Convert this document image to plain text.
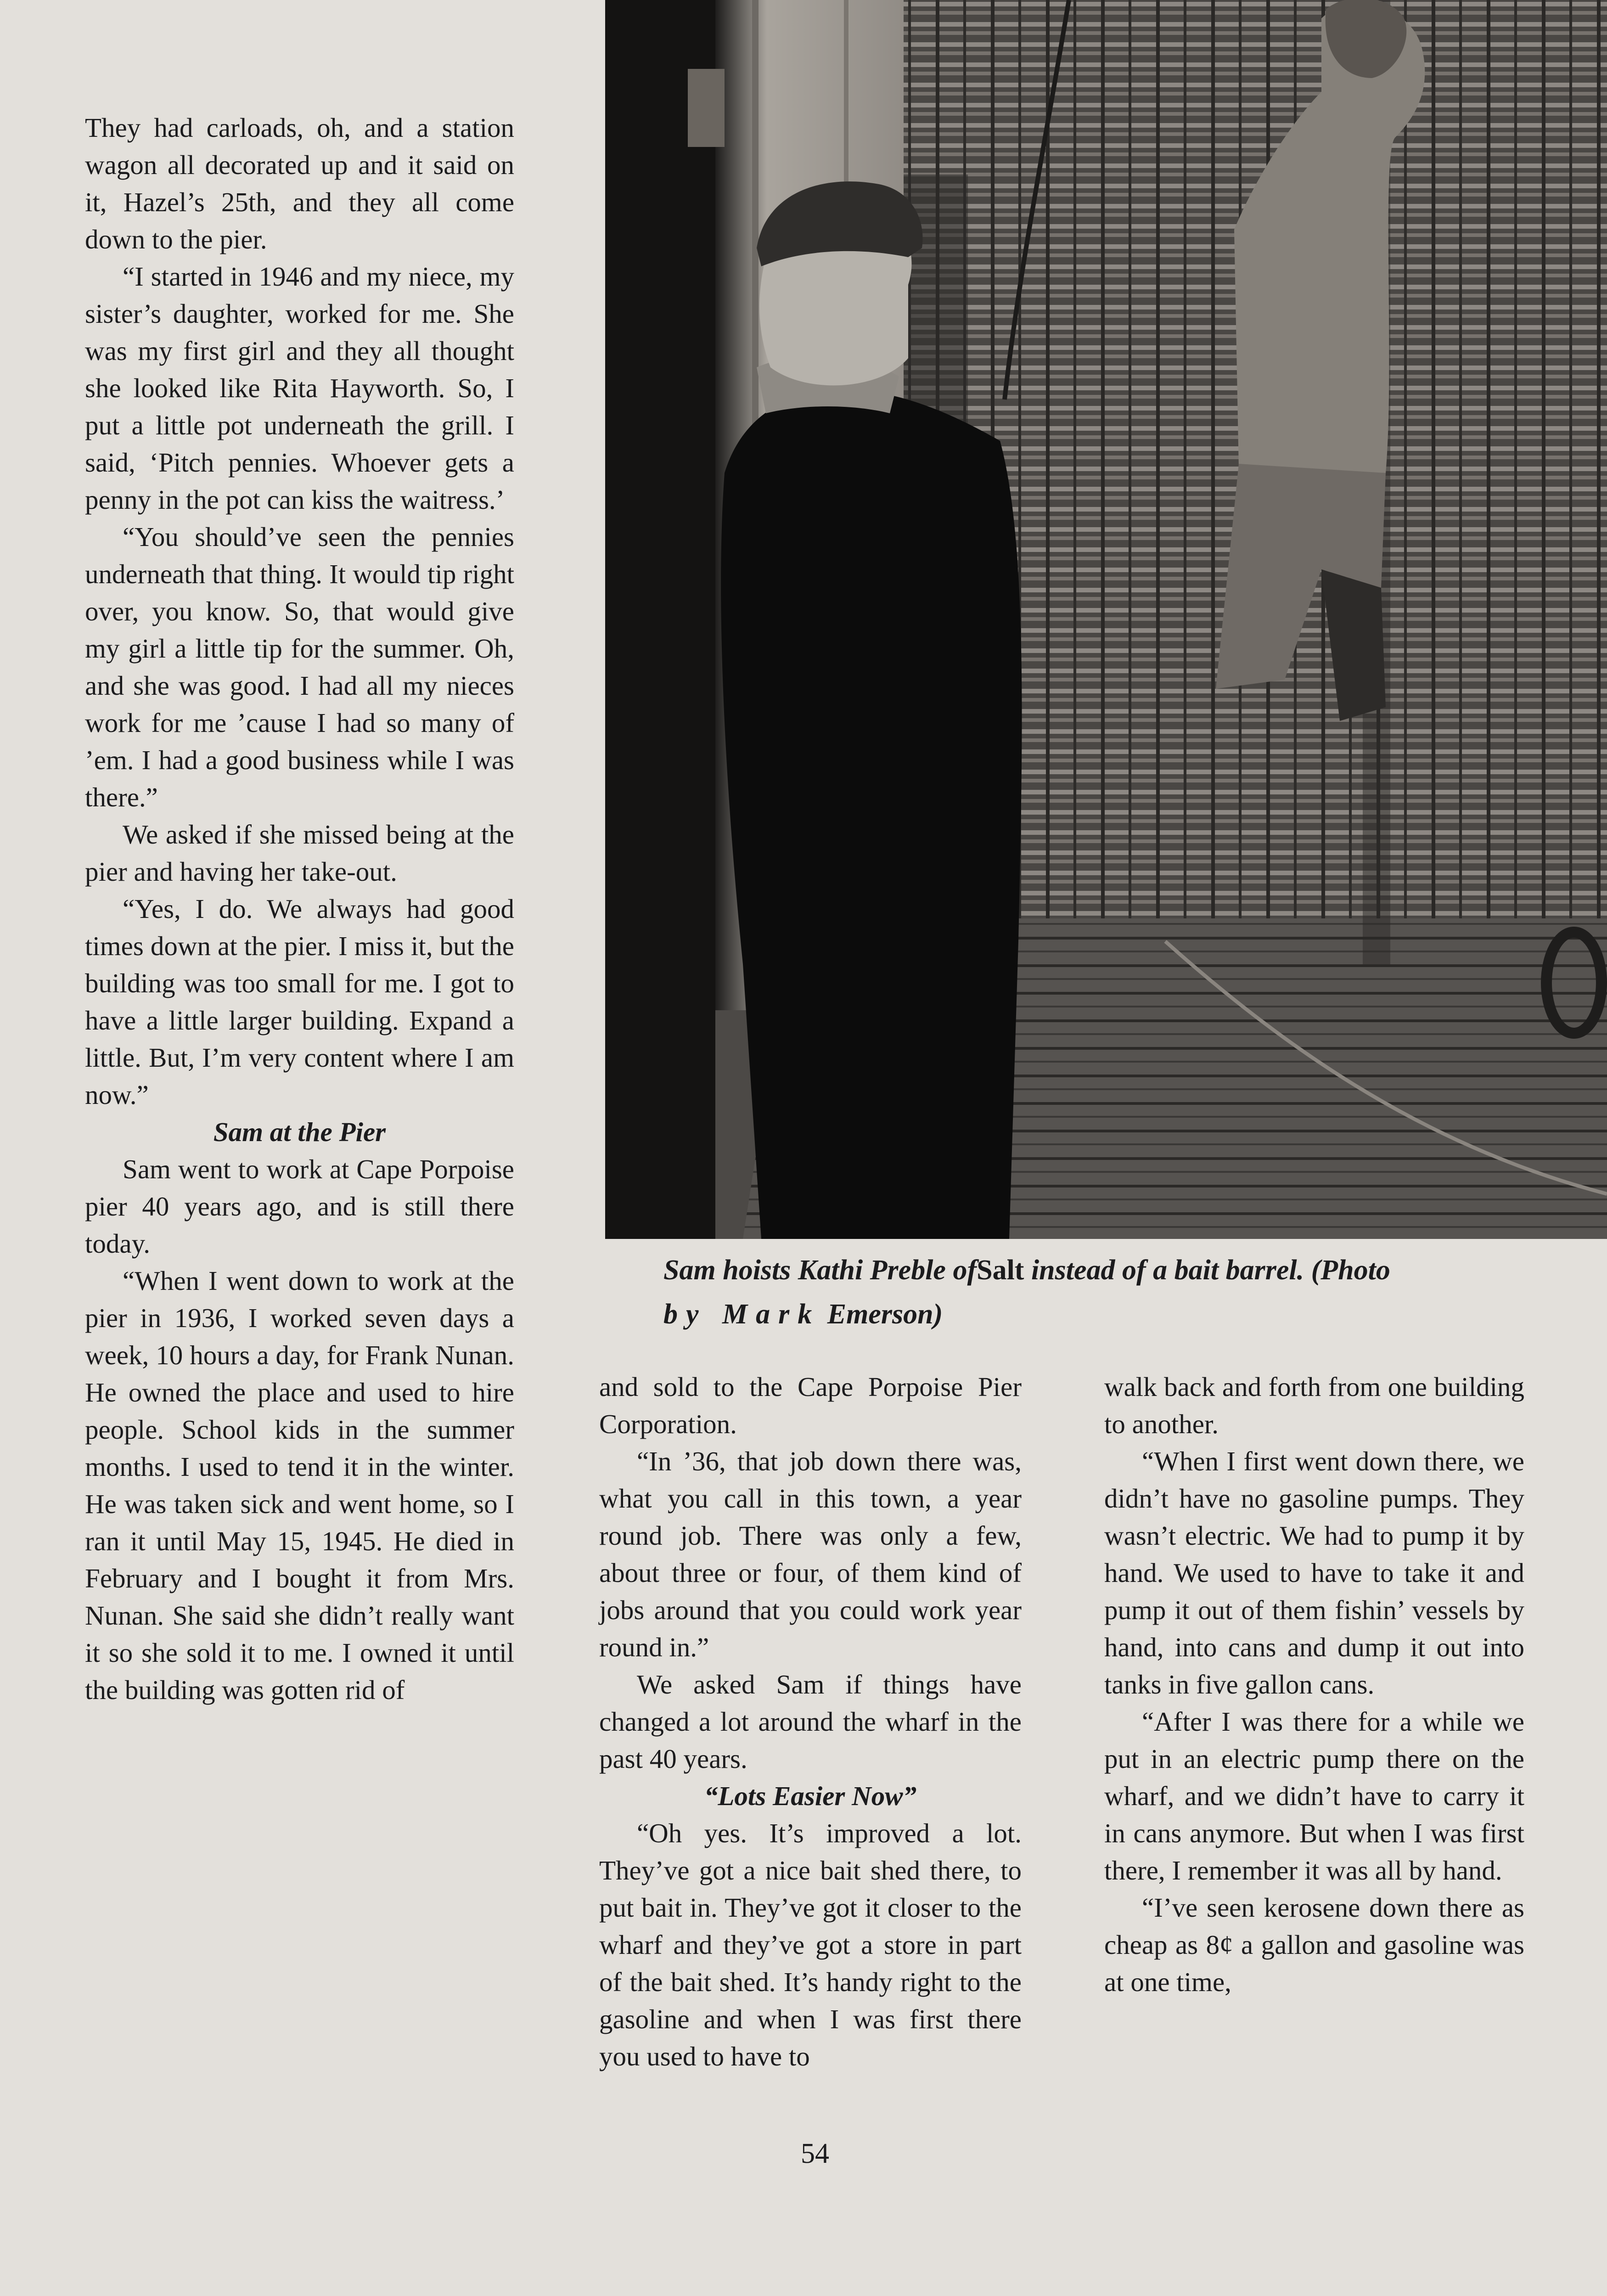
They had carloads, oh, and a station wagon all decorated up and it said on it, Hazel’s 25th, and they all come down to the pier.

“I started in 1946 and my niece, my sister’s daughter, worked for me. She was my first girl and they all thought she looked like Rita Hayworth. So, I put a little pot underneath the grill. I said, ‘Pitch pennies. Whoever gets a penny in the pot can kiss the waitress.’

“You should’ve seen the pennies underneath that thing. It would tip right over, you know. So, that would give my girl a little tip for the summer. Oh, and she was good. I had all my nieces work for me ’cause I had so many of ’em. I had a good business while I was there.”

We asked if she missed being at the pier and having her take-out.

“Yes, I do. We always had good times down at the pier. I miss it, but the building was too small for me. I got to have a little larger building. Expand a little. But, I’m very content where I am now.”

Sam at the Pier

Sam went to work at Cape Porpoise pier 40 years ago, and is still there today.

“When I went down to work at the pier in 1936, I worked seven days a week, 10 hours a day, for Frank Nunan. He owned the place and used to hire people. School kids in the summer months. I used to tend it in the winter. He was taken sick and went home, so I ran it until May 15, 1945. He died in February and I bought it from Mrs. Nunan. She said she didn’t really want it so she sold it to me. I owned it until the building was gotten rid of

Sam hoists Kathi Preble ofSalt instead of a bait barrel. (Photo
by Mark Emerson)

and sold to the Cape Porpoise Pier Corporation.

“In ’36, that job down there was, what you call in this town, a year round job. There was only a few, about three or four, of them kind of jobs around that you could work year round in.”

We asked Sam if things have changed a lot around the wharf in the past 40 years.

“Lots Easier Now”

“Oh yes. It’s improved a lot. They’ve got a nice bait shed there, to put bait in. They’ve got it closer to the wharf and they’ve got a store in part of the bait shed. It’s handy right to the gasoline and when I was first there you used to have to

walk back and forth from one building to another.

“When I first went down there, we didn’t have no gasoline pumps. They wasn’t electric. We had to pump it by hand. We used to have to take it and pump it out of them fishin’ vessels by hand, into cans and dump it out into tanks in five gallon cans.

“After I was there for a while we put in an electric pump there on the wharf, and we didn’t have to carry it in cans anymore. But when I was first there, I remember it was all by hand.

“I’ve seen kerosene down there as cheap as 8¢ a gallon and gasoline was at one time,

54
